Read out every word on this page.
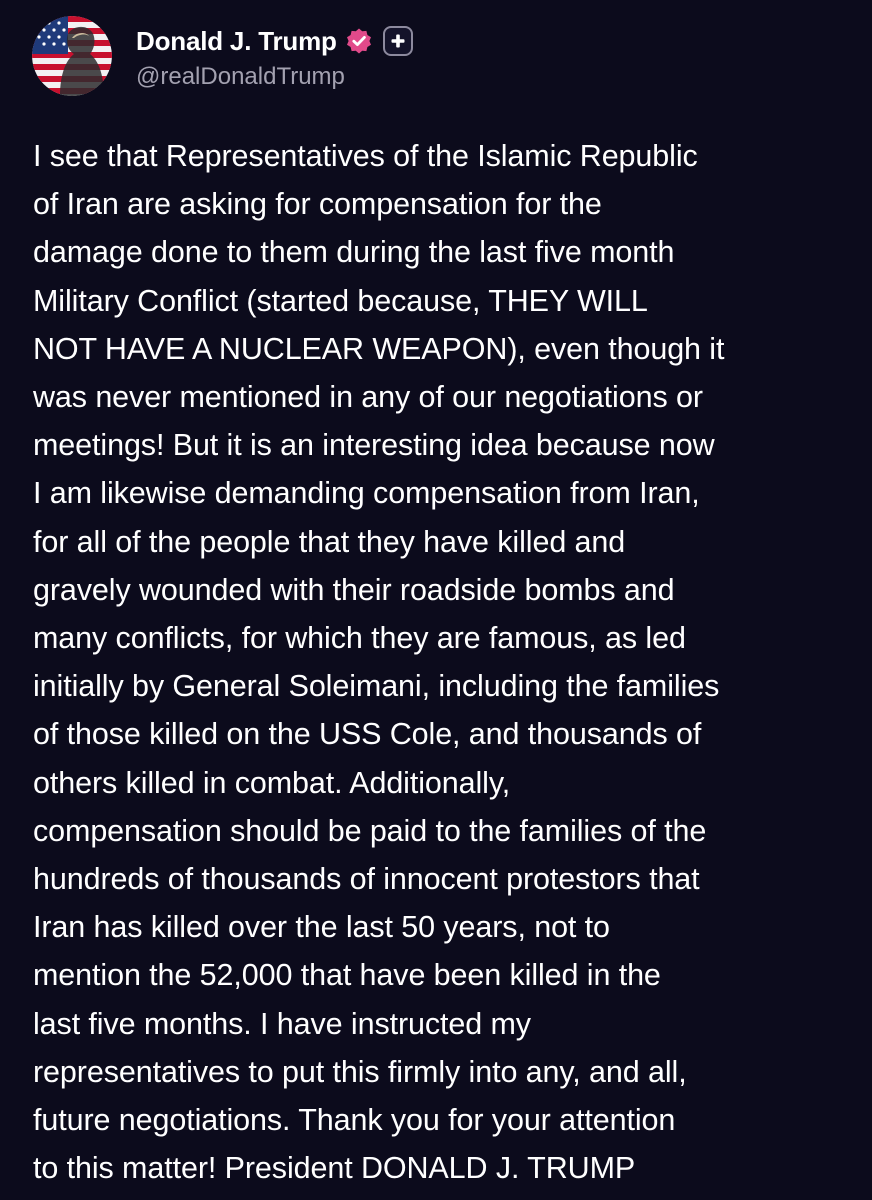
Donald J. Trump
@realDonaldTrump
I see that Representatives of the Islamic Republic
of Iran are asking for compensation for the
damage done to them during the last five month
Military Conflict (started because, THEY WILL
NOT HAVE A NUCLEAR WEAPON), even though it
was never mentioned in any of our negotiations or
meetings! But it is an interesting idea because now
I am likewise demanding compensation from Iran,
for all of the people that they have killed and
gravely wounded with their roadside bombs and
many conflicts, for which they are famous, as led
initially by General Soleimani, including the families
of those killed on the USS Cole, and thousands of
others killed in combat. Additionally,
compensation should be paid to the families of the
hundreds of thousands of innocent protestors that
Iran has killed over the last 50 years, not to
mention the 52,000 that have been killed in the
last five months. I have instructed my
representatives to put this firmly into any, and all,
future negotiations. Thank you for your attention
to this matter! President DONALD J. TRUMP
